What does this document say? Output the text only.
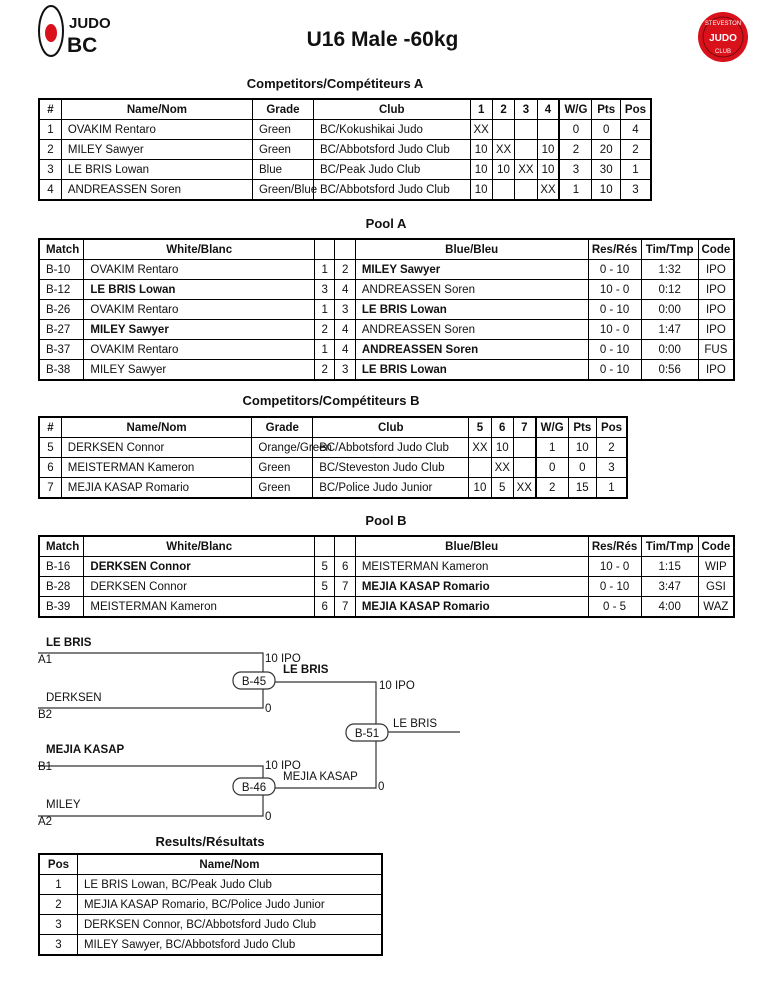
JUDO
BC
STEVESTON
JUDO
CLUB
U16 Male -60kg
Competitors/Compétiteurs A
#	Name/Nom	Grade	Club	1	2	3	4	W/G	Pts	Pos
1	OVAKIM Rentaro	Green	BC/Kokushikai Judo	XX				0	0	4
2	MILEY Sawyer	Green	BC/Abbotsford Judo Club	10	XX		10	2	20	2
3	LE BRIS Lowan	Blue	BC/Peak Judo Club	10	10	XX	10	3	30	1
4	ANDREASSEN Soren	Green/Blue	BC/Abbotsford Judo Club	10			XX	1	10	3
Pool A
Match	White/Blanc			Blue/Bleu	Res/Rés	Tim/Tmp	Code
B-10	OVAKIM Rentaro	1	2	MILEY Sawyer	0 - 10	1:32	IPO
B-12	LE BRIS Lowan	3	4	ANDREASSEN Soren	10 - 0	0:12	IPO
B-26	OVAKIM Rentaro	1	3	LE BRIS Lowan	0 - 10	0:00	IPO
B-27	MILEY Sawyer	2	4	ANDREASSEN Soren	10 - 0	1:47	IPO
B-37	OVAKIM Rentaro	1	4	ANDREASSEN Soren	0 - 10	0:00	FUS
B-38	MILEY Sawyer	2	3	LE BRIS Lowan	0 - 10	0:56	IPO
Competitors/Compétiteurs B
#	Name/Nom	Grade	Club	5	6	7	W/G	Pts	Pos
5	DERKSEN Connor	Orange/Green	BC/Abbotsford Judo Club	XX	10		1	10	2
6	MEISTERMAN Kameron	Green	BC/Steveston Judo Club		XX		0	0	3
7	MEJIA KASAP Romario	Green	BC/Police Judo Junior	10	5	XX	2	15	1
Pool B
Match	White/Blanc			Blue/Bleu	Res/Rés	Tim/Tmp	Code
B-16	DERKSEN Connor	5	6	MEISTERMAN Kameron	10 - 0	1:15	WIP
B-28	DERKSEN Connor	5	7	MEJIA KASAP Romario	0 - 10	3:47	GSI
B-39	MEISTERMAN Kameron	6	7	MEJIA KASAP Romario	0 - 5	4:00	WAZ
B-45
B-46
B-51
LE BRIS
A1
DERKSEN
B2
MEJIA KASAP
B1
MILEY
A2
10 IPO
LE BRIS
0
10 IPO
MEJIA KASAP
0
10 IPO
LE BRIS
0
Results/Résultats
Pos	Name/Nom
1	LE BRIS Lowan, BC/Peak Judo Club
2	MEJIA KASAP Romario, BC/Police Judo Junior
3	DERKSEN Connor, BC/Abbotsford Judo Club
3	MILEY Sawyer, BC/Abbotsford Judo Club
